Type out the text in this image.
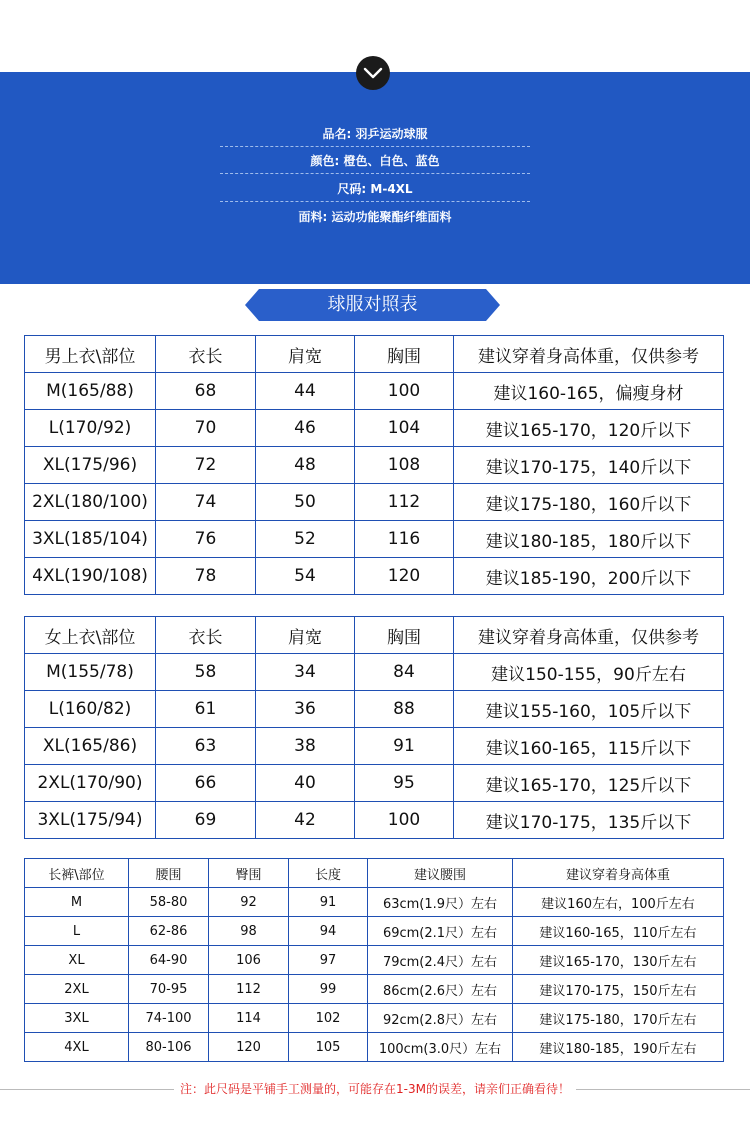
品名: 羽乒运动球服
颜色: 橙色、白色、蓝色
尺码: M-4XL
面料: 运动功能聚酯纤维面料
球服对照表
男上衣\部位	衣长	肩宽	胸围	建议穿着身高体重，仅供参考
M(165/88)	68	44	100	建议160-165，偏瘦身材
L(170/92)	70	46	104	建议165-170，120斤以下
XL(175/96)	72	48	108	建议170-175，140斤以下
2XL(180/100)	74	50	112	建议175-180，160斤以下
3XL(185/104)	76	52	116	建议180-185，180斤以下
4XL(190/108)	78	54	120	建议185-190，200斤以下
女上衣\部位	衣长	肩宽	胸围	建议穿着身高体重，仅供参考
M(155/78)	58	34	84	建议150-155，90斤左右
L(160/82)	61	36	88	建议155-160，105斤以下
XL(165/86)	63	38	91	建议160-165，115斤以下
2XL(170/90)	66	40	95	建议165-170，125斤以下
3XL(175/94)	69	42	100	建议170-175，135斤以下
长裤\部位	腰围	臀围	长度	建议腰围	建议穿着身高体重
M	58-80	92	91	63cm(1.9尺）左右	建议160左右，100斤左右
L	62-86	98	94	69cm(2.1尺）左右	建议160-165，110斤左右
XL	64-90	106	97	79cm(2.4尺）左右	建议165-170，130斤左右
2XL	70-95	112	99	86cm(2.6尺）左右	建议170-175，150斤左右
3XL	74-100	114	102	92cm(2.8尺）左右	建议175-180，170斤左右
4XL	80-106	120	105	100cm(3.0尺）左右	建议180-185，190斤左右
注：此尺码是平铺手工测量的，可能存在1-3M的误差，请亲们正确看待！
